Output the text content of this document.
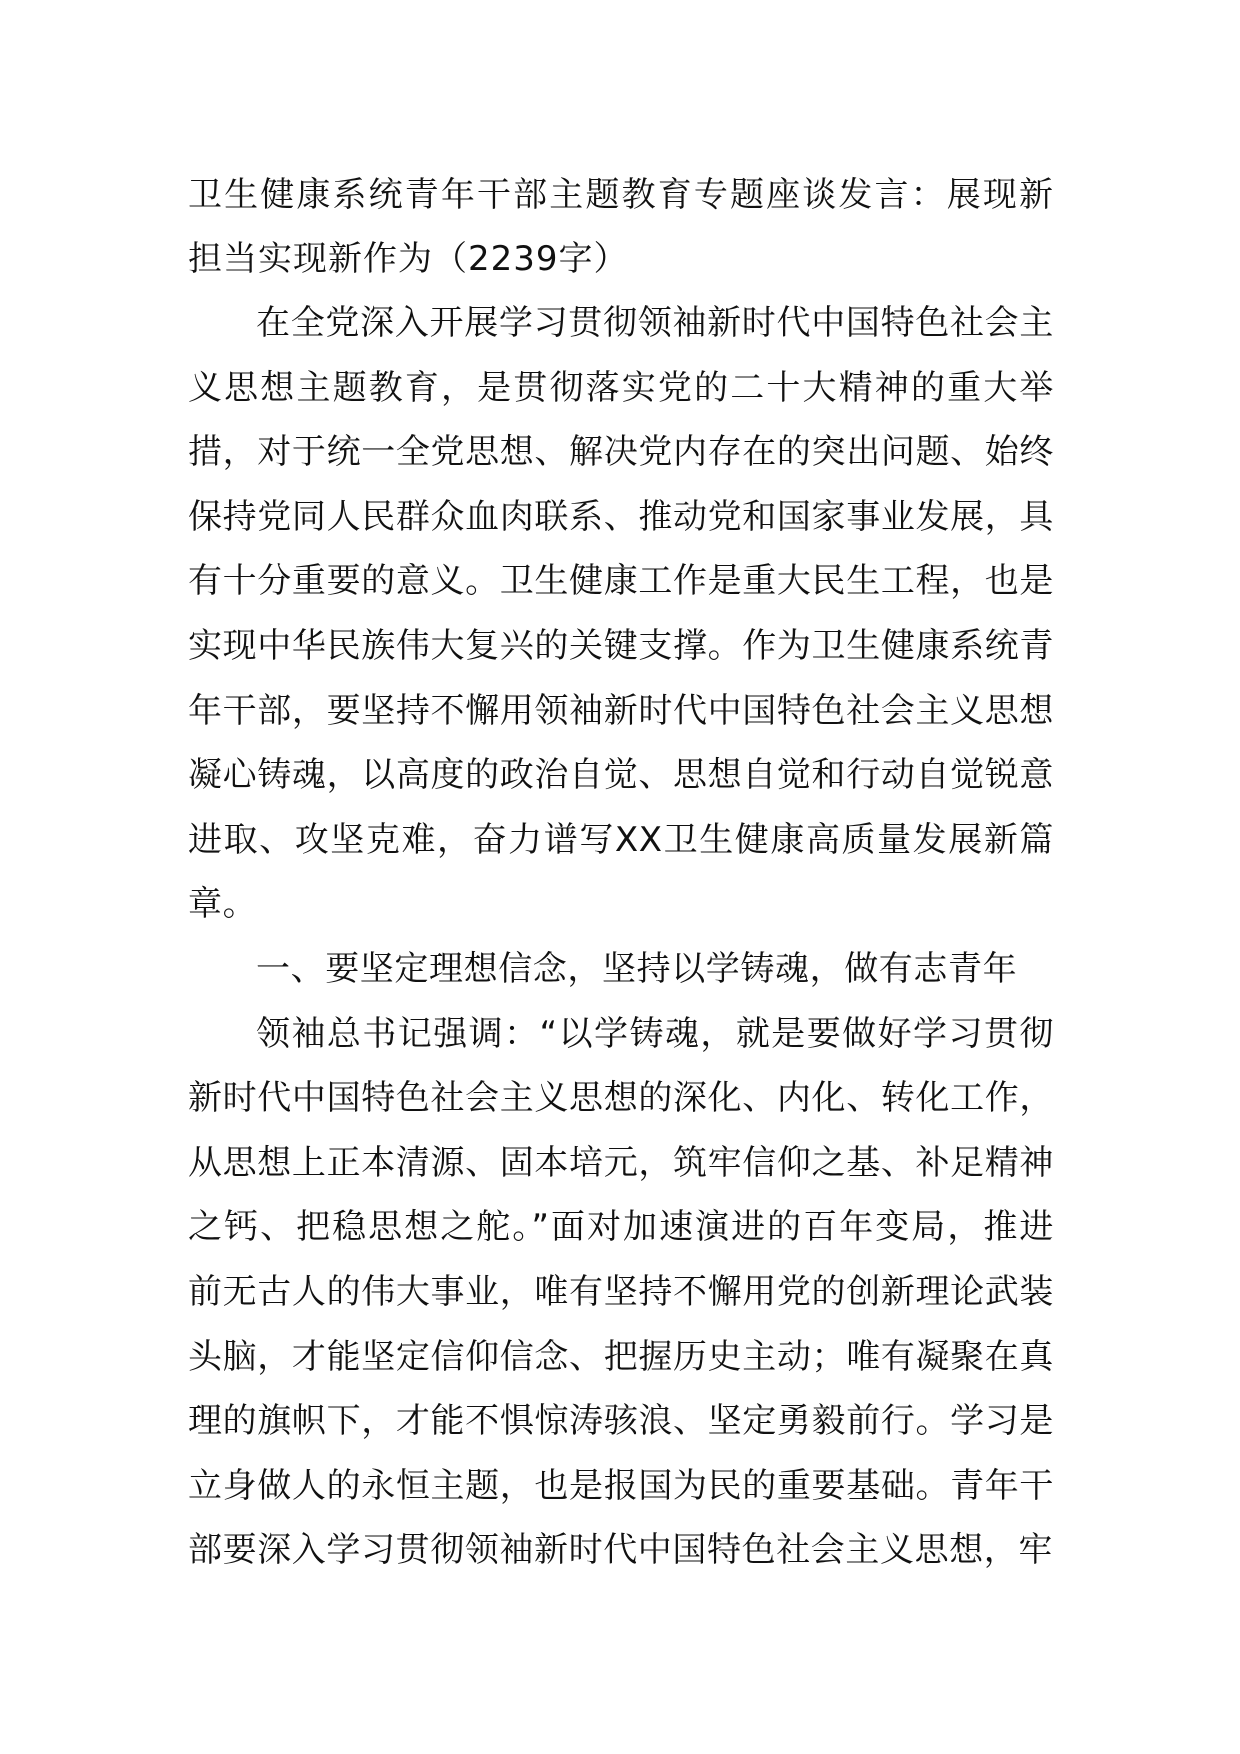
卫生健康系统青年干部主题教育专题座谈发言：展现新担当实现新作为（2239字）

在全党深入开展学习贯彻领袖新时代中国特色社会主义思想主题教育，是贯彻落实党的二十大精神的重大举措，对于统一全党思想、解决党内存在的突出问题、始终保持党同人民群众血肉联系、推动党和国家事业发展，具有十分重要的意义。卫生健康工作是重大民生工程，也是实现中华民族伟大复兴的关键支撑。作为卫生健康系统青年干部，要坚持不懈用领袖新时代中国特色社会主义思想凝心铸魂，以高度的政治自觉、思想自觉和行动自觉锐意进取、攻坚克难，奋力谱写XX卫生健康高质量发展新篇章。

一、要坚定理想信念，坚持以学铸魂，做有志青年

领袖总书记强调：“以学铸魂，就是要做好学习贯彻新时代中国特色社会主义思想的深化、内化、转化工作，从思想上正本清源、固本培元，筑牢信仰之基、补足精神之钙、把稳思想之舵。”面对加速演进的百年变局，推进前无古人的伟大事业，唯有坚持不懈用党的创新理论武装头脑，才能坚定信仰信念、把握历史主动；唯有凝聚在真理的旗帜下，才能不惧惊涛骇浪、坚定勇毅前行。学习是立身做人的永恒主题，也是报国为民的重要基础。青年干部要深入学习贯彻领袖新时代中国特色社会主义思想，牢
